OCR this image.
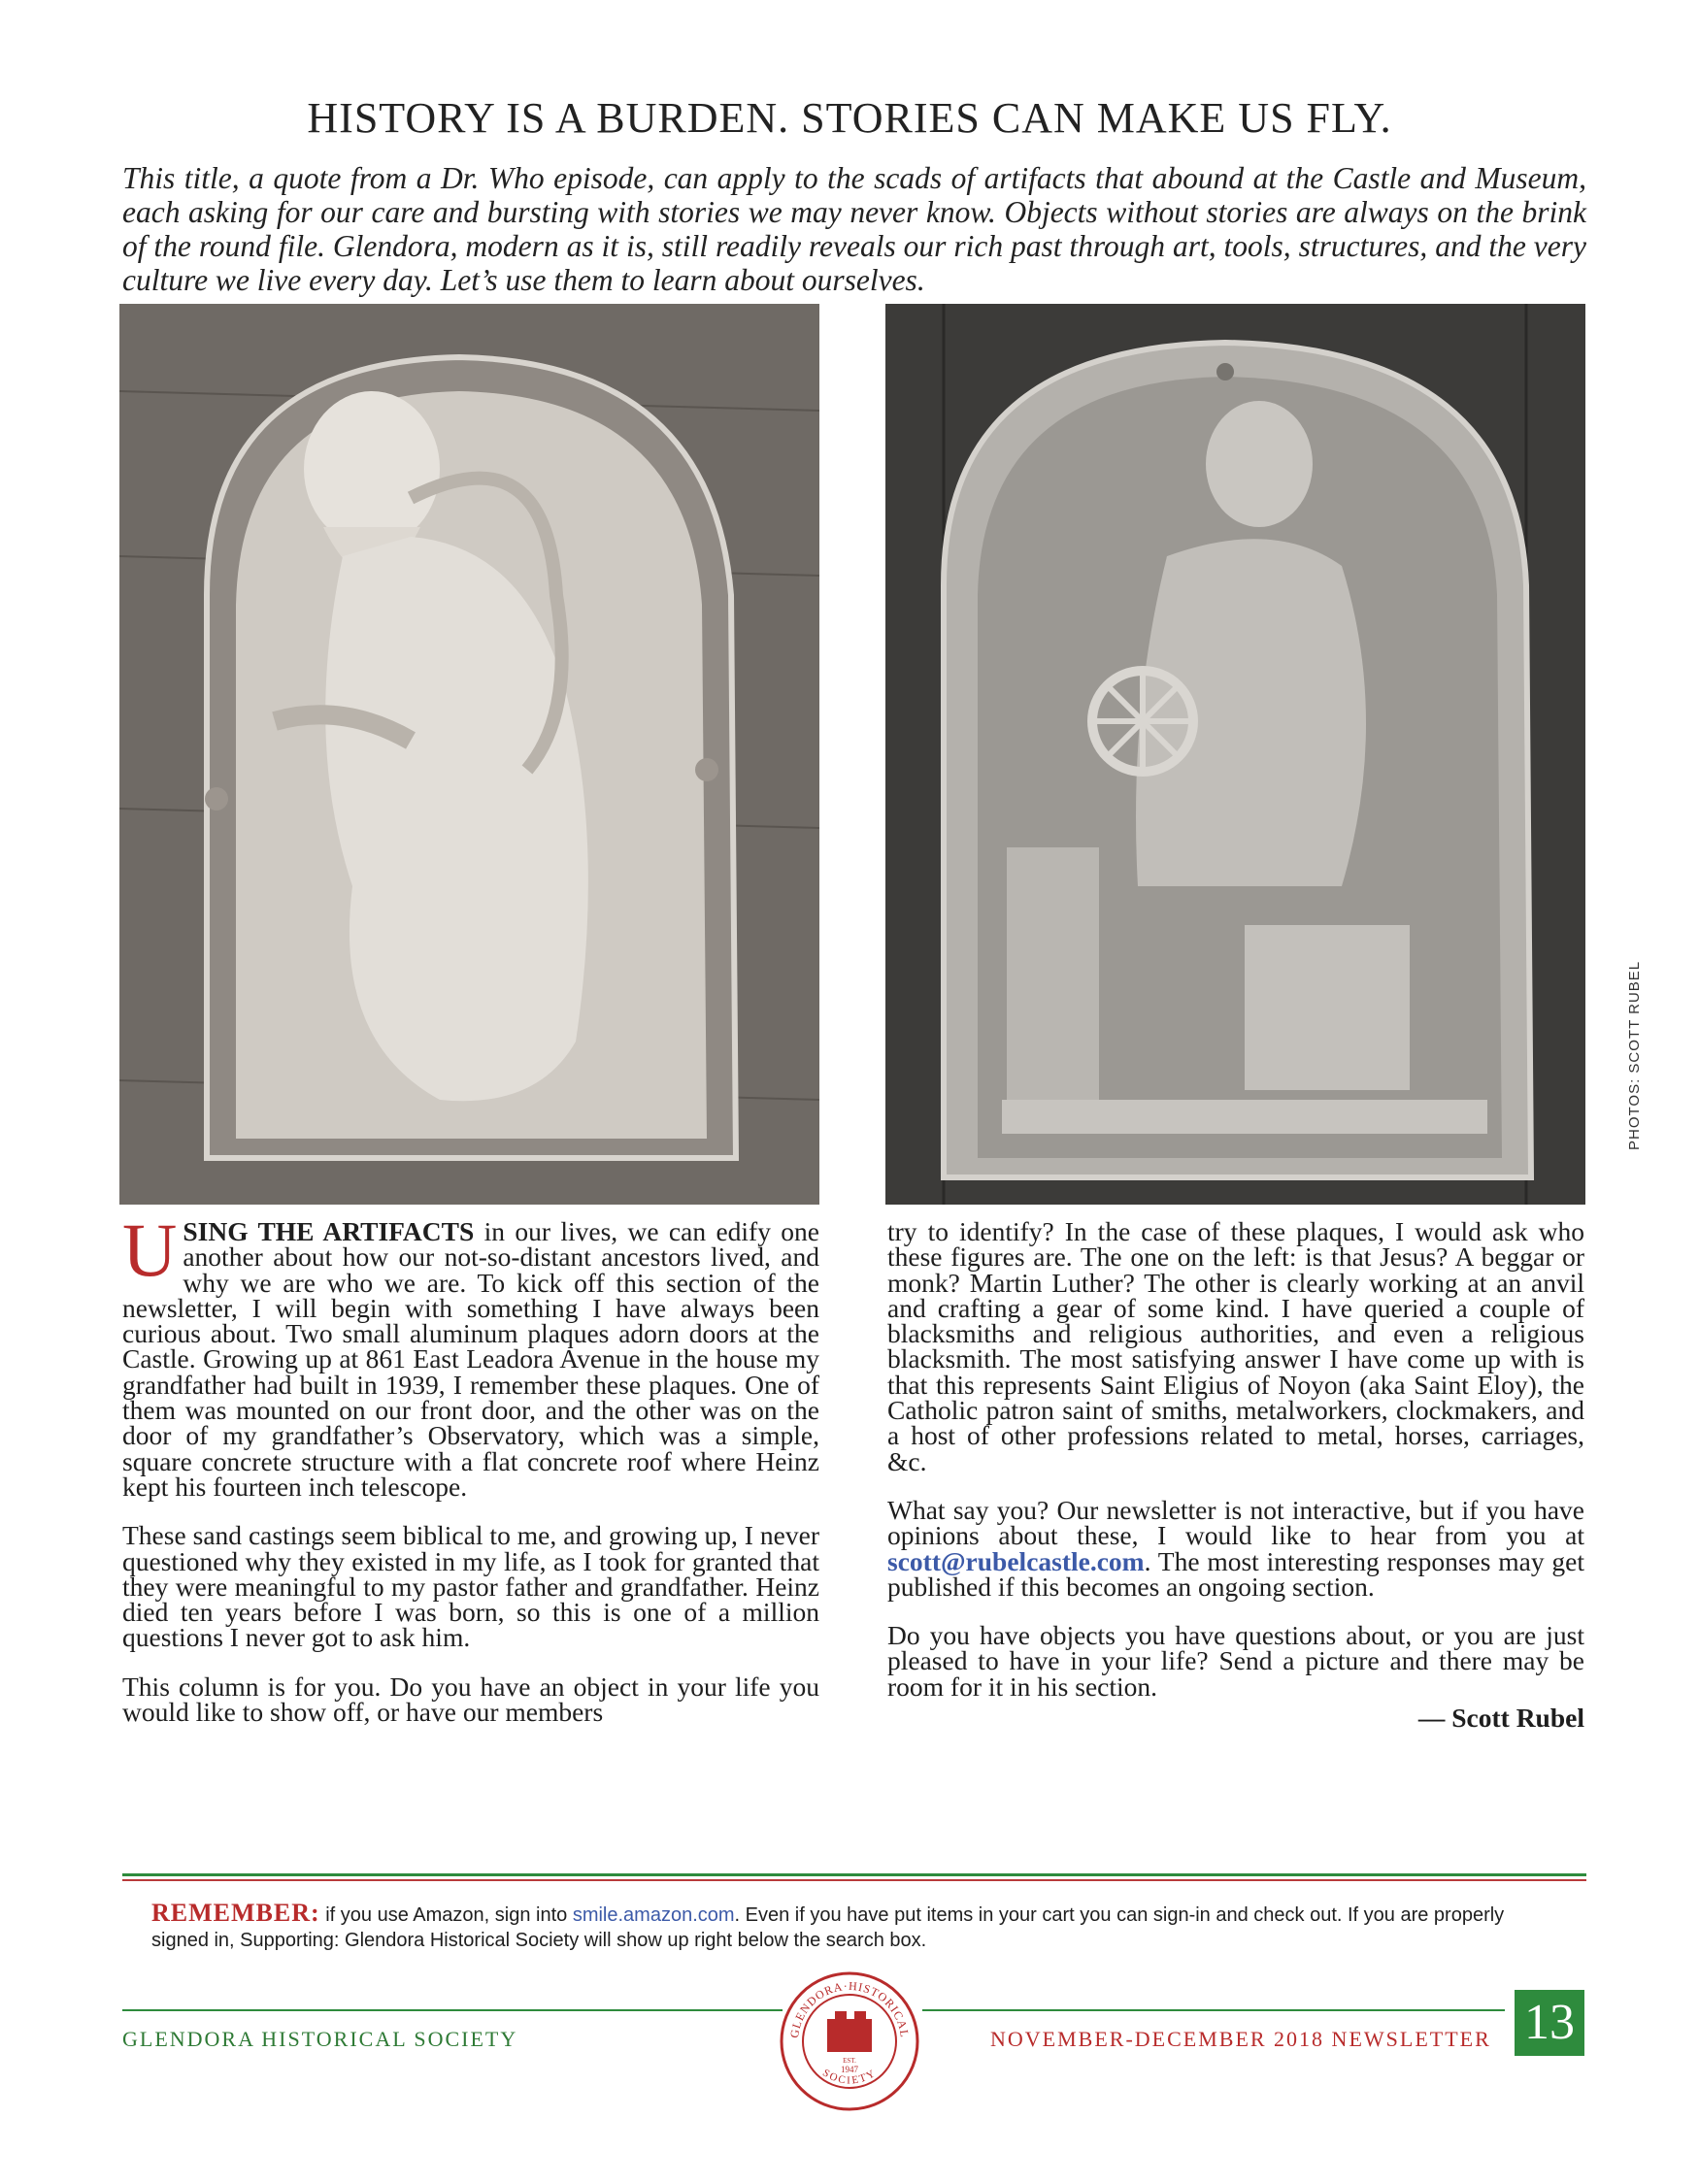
HISTORY IS A BURDEN. STORIES CAN MAKE US FLY.

This title, a quote from a Dr. Who episode, can apply to the scads of artifacts that abound at the Castle and Museum, each asking for our care and bursting with stories we may never know. Objects without stories are always on the brink of the round file. Glendora, modern as it is, still readily reveals our rich past through art, tools, structures, and the very culture we live every day. Let’s use them to learn about ourselves.

PHOTOS: SCOTT RUBEL

USING THE ARTIFACTS in our lives, we can edify one another about how our not-so-distant ancestors lived, and why we are who we are. To kick off this section of the newsletter, I will begin with something I have always been curious about. Two small aluminum plaques adorn doors at the Castle. Growing up at 861 East Leadora Avenue in the house my grandfather had built in 1939, I remember these plaques. One of them was mounted on our front door, and the other was on the door of my grandfather’s Observatory, which was a simple, square concrete structure with a flat concrete roof where Heinz kept his fourteen inch telescope.

These sand castings seem biblical to me, and growing up, I never questioned why they existed in my life, as I took for granted that they were meaningful to my pastor father and grandfather. Heinz died ten years before I was born, so this is one of a million questions I never got to ask him.

This column is for you. Do you have an object in your life you would like to show off, or have our members

try to identify? In the case of these plaques, I would ask who these figures are. The one on the left: is that Jesus? A beggar or monk? Martin Luther? The other is clearly working at an anvil and crafting a gear of some kind. I have queried a couple of blacksmiths and religious authorities, and even a religious blacksmith. The most satisfying answer I have come up with is that this represents Saint Eligius of Noyon (aka Saint Eloy), the Catholic patron saint of smiths, metalworkers, clockmakers, and a host of other professions related to metal, horses, carriages, &c.

What say you? Our newsletter is not interactive, but if you have opinions about these, I would like to hear from you at scott@rubelcastle.com. The most interesting responses may get published if this becomes an ongoing section.

Do you have objects you have questions about, or you are just pleased to have in your life? Send a picture and there may be room for it in his section.

— Scott Rubel

REMEMBER: if you use Amazon, sign into smile.amazon.com. Even if you have put items in your cart you can sign-in and check out. If you are properly signed in, Supporting: Glendora Historical Society will show up right below the search box.
GLENDORA HISTORICAL SOCIETY	GLENDORA·HISTORICAL
SOCIETY
EST.
1947
NOVEMBER-DECEMBER 2018 NEWSLETTER 13
